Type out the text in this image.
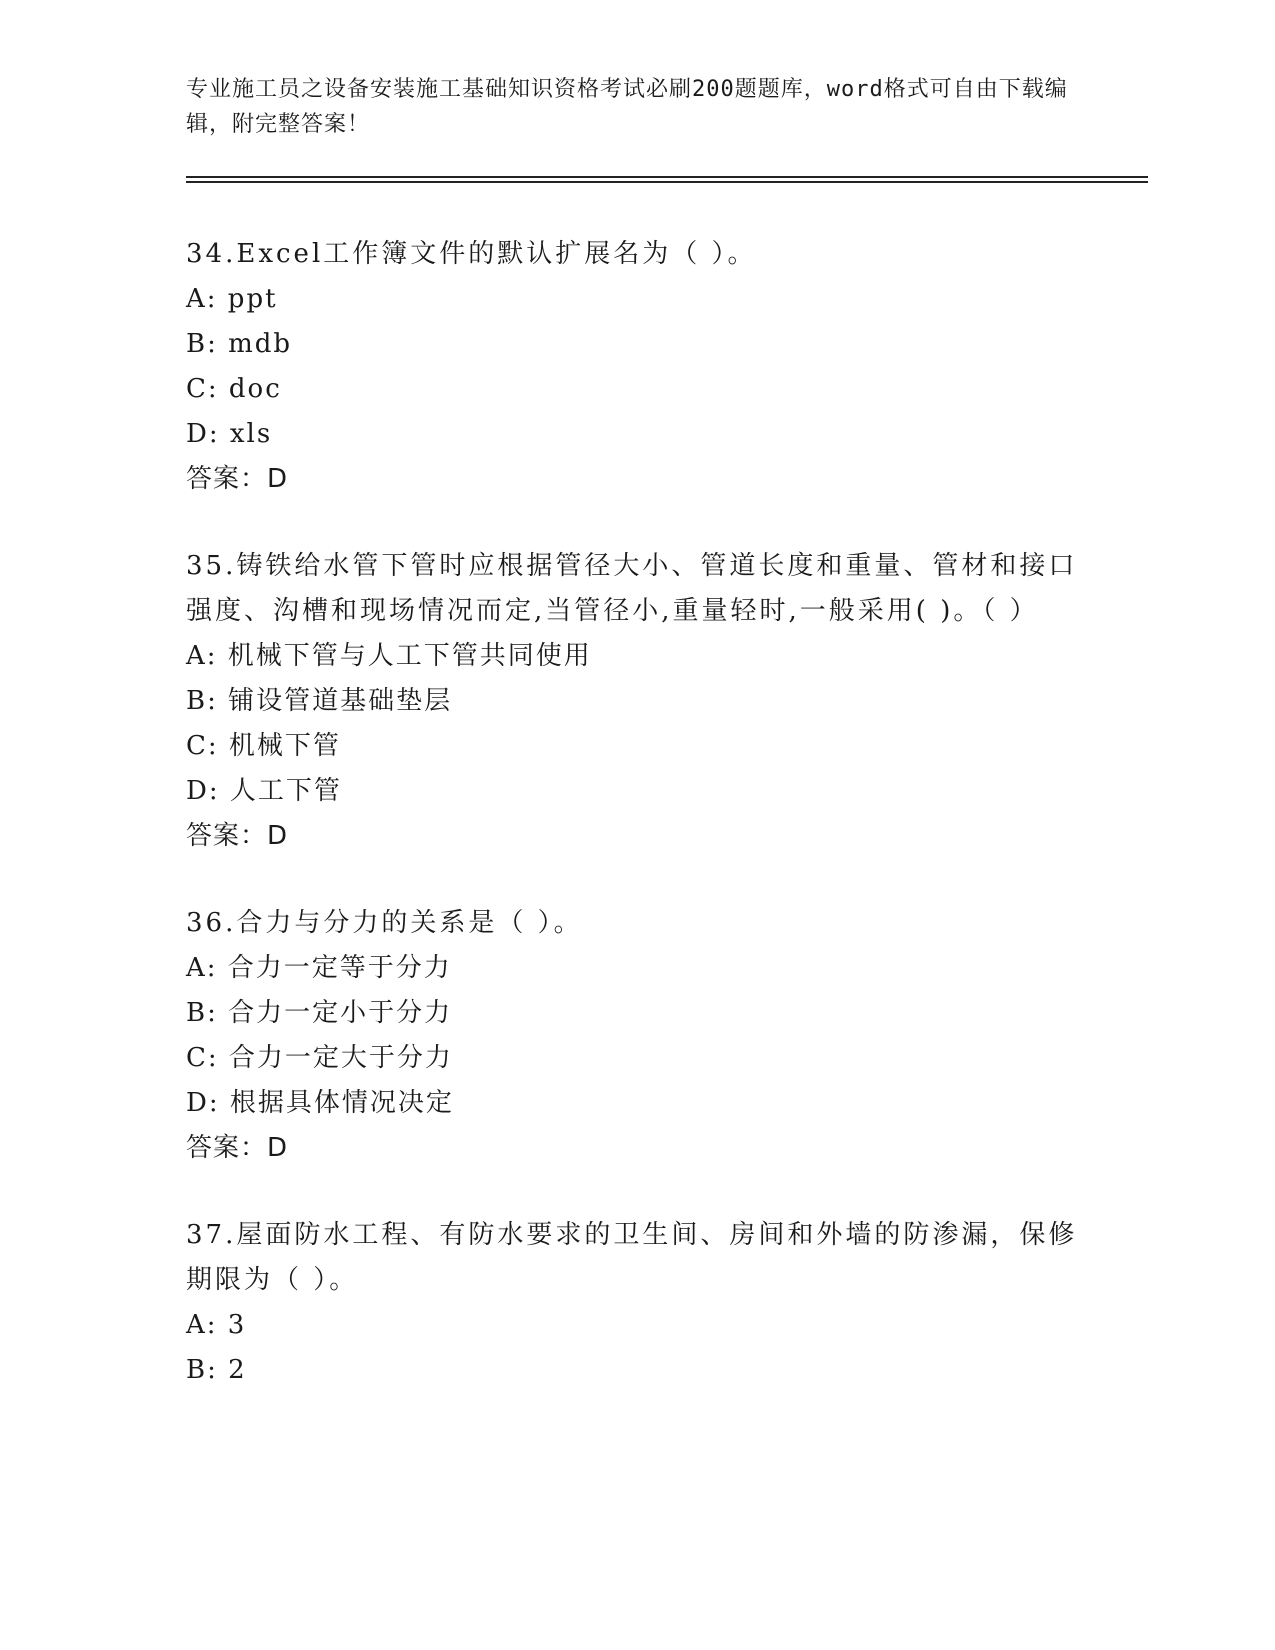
专业施工员之设备安装施工基础知识资格考试必刷200题题库，word格式可自由下载编辑，附完整答案！

34.Excel工作簿文件的默认扩展名为（ ）。

A: ppt

B: mdb

C: doc

D: xls

答案：D

35.铸铁给水管下管时应根据管径大小、管道长度和重量、管材和接口强度、沟槽和现场情况而定,当管径小,重量轻时,一般采用( )。（ ）

A: 机械下管与人工下管共同使用

B: 铺设管道基础垫层

C: 机械下管

D: 人工下管

答案：D

36.合力与分力的关系是（ ）。

A: 合力一定等于分力

B: 合力一定小于分力

C: 合力一定大于分力

D: 根据具体情况决定

答案：D

37.屋面防水工程、有防水要求的卫生间、房间和外墙的防渗漏，保修期限为（ ）。

A: 3

B: 2
